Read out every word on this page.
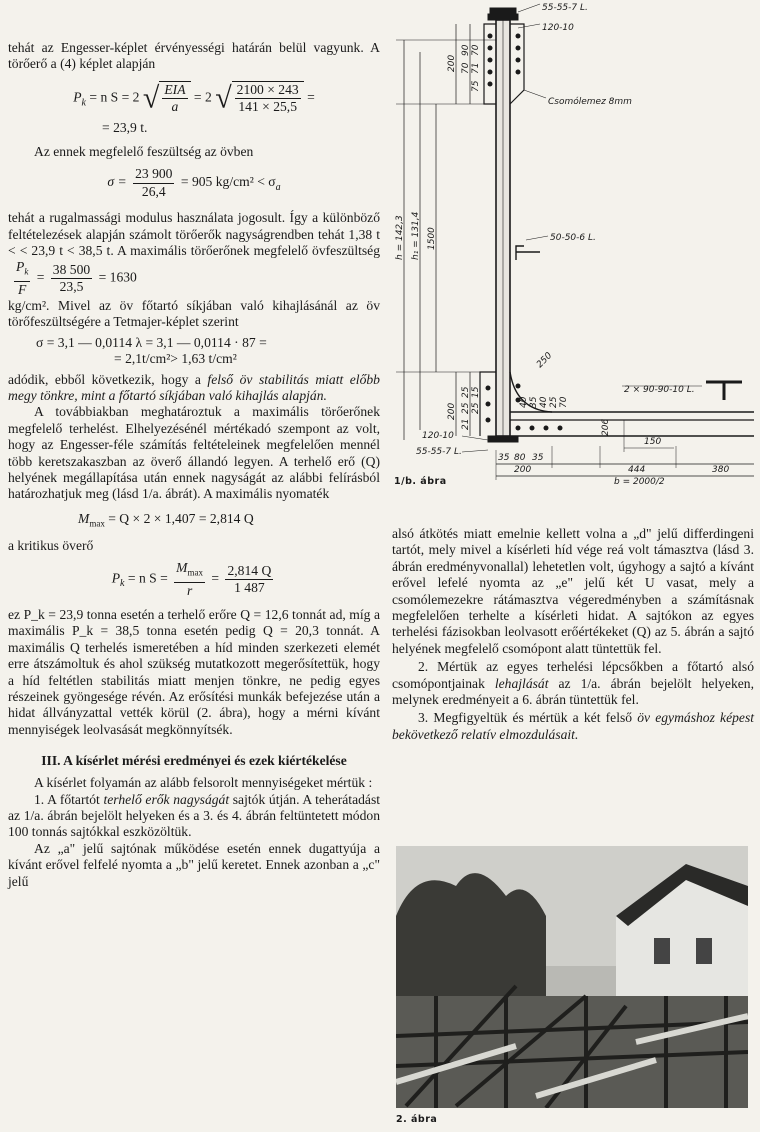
tehát az Engesser-képlet érvényességi határán belül vagyunk. A törőerő a (4) képlet alapján

$P_k = n$ S = 2 √ $\frac{\text{EIA}}{a} = 2$ √ $\frac{2100 \times 243}{141 \times 25,5}$ =
= 23,9 t.

Az ennek megfelelő feszültség az övben

$\sigma = \frac{23 900}{26,4} = 905$ $kg/cm^2 < \sigma_a$

tehát a rugalmassági modulus használata jogosult. Így a különböző feltételezések alapján számolt törőerők nagyságrendben tehát 1,38 t < < 23,9 t < 38,5 t. A maximális törőerőnek megfelelő övfeszültség
$\frac{P_k}{F} = \frac{38 500}{23,5} = 1630$

kg/cm². Mivel az öv főtartó síkjában való kihajlásánál az öv törőfeszültségére a Tetmajer-képlet szerint

σ = 3,1 — 0,0114 λ = 3,1 — 0,0114 · 87 =
= 2,1t/cm²> 1,63 t/cm²

adódik, ebből következik, hogy a felső öv stabilitás miatt előbb megy tönkre, mint a főtartó síkjában való kihajlás alapján.

A továbbiakban meghatároztuk a maximális törőerőnek megfelelő terhelést. Elhelyezésénél mértékadó szempont az volt, hogy az Engesser-féle számítás feltételeinek megfelelően mennél több keretszakaszban az överő állandó legyen. A terhelő erő (Q) helyének megállapítása után ennek nagyságát az alábbi felírásból határozhatjuk meg (lásd 1/a. ábrát). A maximális nyomaték

$M_{max} = Q \times 2 \times 1,407 = 2,814$ Q

a kritikus överő

$P_k = n$ $S = \frac{M_{max}}{r} = \frac{2,814 Q}{1 487}$

ez P_k = 23,9 tonna esetén a terhelő erőre Q = 12,6 tonnát ad, míg a maximális P_k = 38,5 tonna esetén pedig Q = 20,3 tonnát. A maximális Q terhelés ismeretében a híd minden szerkezeti elemét erre átszámoltuk és ahol szükség mutatkozott megerősítettük, hogy a híd feltétlen stabilitás miatt menjen tönkre, ne pedig egyes részeinek gyöngesége révén. Az erősítési munkák befejezése után a hidat állványzattal vették körül (2. ábra), hogy a mérni kívánt mennyiségek leolvasását megkönnyítsék.

III. A kísérlet mérési eredményei és ezek kiértékelése

A kísérlet folyamán az alább felsorolt mennyiségeket mértük :

1. A főtartót terhelő erők nagyságát sajtók útján. A teherátadást az 1/a. ábrán bejelölt helyeken és a 3. és 4. ábrán feltüntetett módon 100 tonnás sajtókkal eszközöltük.

Az „a" jelű sajtónak működése esetén ennek dugattyúja a kívánt erővel felfelé nyomta a „b" jelű keretet. Ennek azonban a „c" jelű

55-55-7 L.
120-10
Csomólemez 8mm
50-50-6 L.
2 × 90-90-10 L.
120-10
55-55-7 L.
h = 142,3 h₁ = 131,4 1500
200
90
70
70
71
75
200
21
25
25
25
15
40 35 40 25 70
250
206
35 80 35
200
150
444	380
b = 2000/2
1/b. ábra

alsó átkötés miatt emelnie kellett volna a „d" jelű differdingeni tartót, mely mivel a kísérleti híd vége reá volt támasztva (lásd 3. ábrán eredményvonallal) lehetetlen volt, úgyhogy a sajtó a kívánt erővel lefelé nyomta az „e" jelű két U vasat, mely a csomólemezekre rátámasztva végeredményben a számításnak megfelelően terhelte a kísérleti hidat. A sajtókon az egyes terhelési fázisokban leolvasott erőértékeket (Q) az 5. ábrán a sajtó helyének megfelelő csomópont alatt tüntettük fel.

2. Mértük az egyes terhelési lépcsőkben a főtartó alsó csomópontjainak lehajlását az 1/a. ábrán bejelölt helyeken, melynek eredményeit a 6. ábrán tüntettük fel.

3. Megfigyeltük és mértük a két felső öv egymáshoz képest bekövetkező relatív elmozdulásait.

2. ábra
